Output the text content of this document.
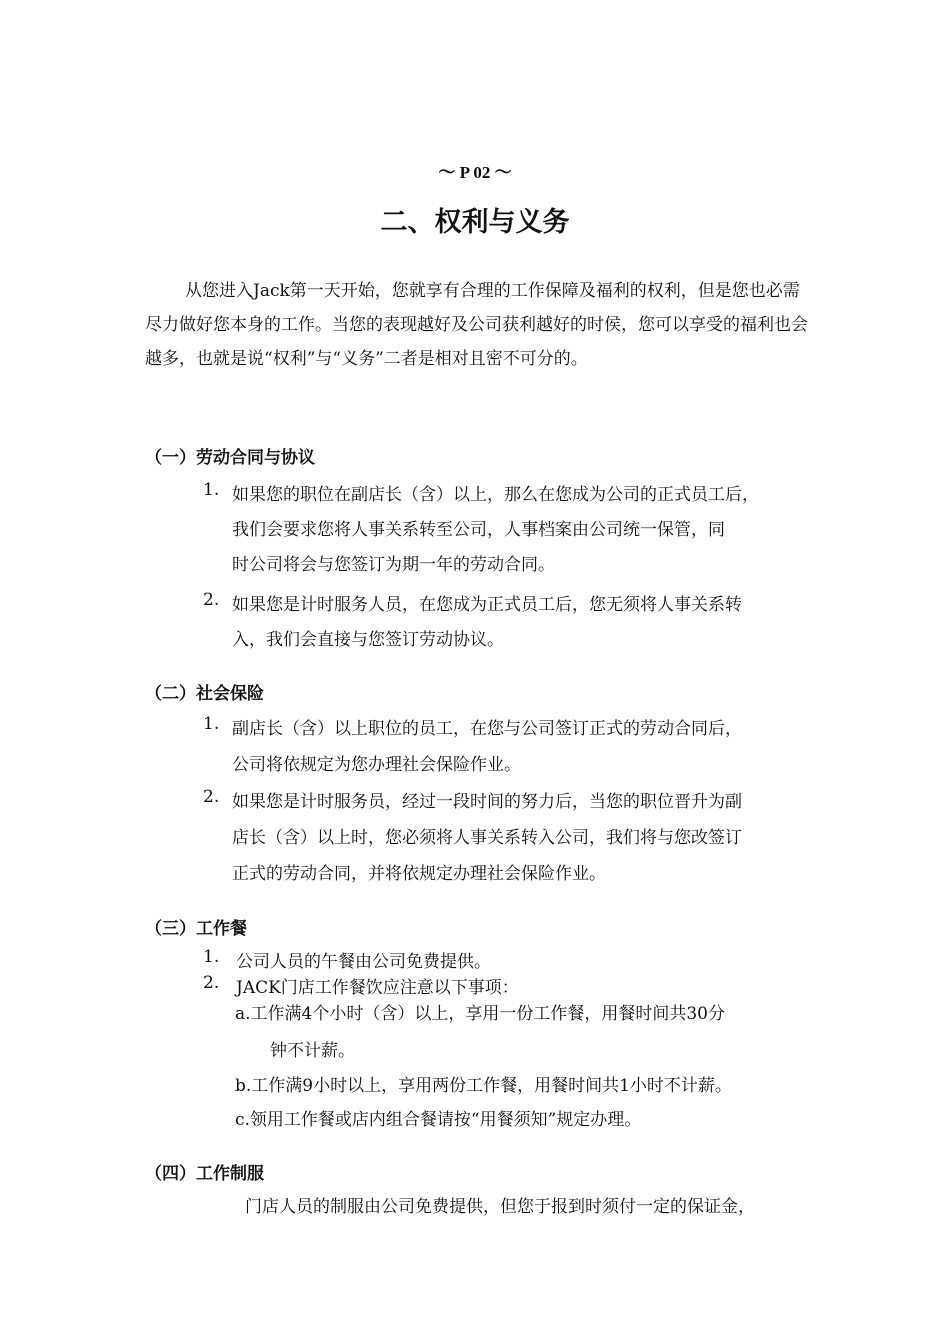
～ P 02 ～
二、权利与义务

从您进入Jack第一天开始，您就享有合理的工作保障及福利的权利，但是您也必需尽力做好您本身的工作。当您的表现越好及公司获利越好的时侯，您可以享受的福利也会越多，也就是说“权利”与“义务”二者是相对且密不可分的。

（一）劳动合同与协议

1. 如果您的职位在副店长（含）以上，那么在您成为公司的正式员工后，
我们会要求您将人事关系转至公司，人事档案由公司统一保管，同
时公司将会与您签订为期一年的劳动合同。
2. 如果您是计时服务人员，在您成为正式员工后，您无须将人事关系转
入，我们会直接与您签订劳动协议。

（二）社会保险

1. 副店长（含）以上职位的员工，在您与公司签订正式的劳动合同后，
公司将依规定为您办理社会保险作业。
2. 如果您是计时服务员，经过一段时间的努力后，当您的职位晋升为副
店长（含）以上时，您必须将人事关系转入公司，我们将与您改签订
正式的劳动合同，并将依规定办理社会保险作业。

（三）工作餐

1. 公司人员的午餐由公司免费提供。
2. JACK门店工作餐饮应注意以下事项：
a.工作满4个小时（含）以上，享用一份工作餐，用餐时间共30分
钟不计薪。
b.工作满9小时以上，享用两份工作餐，用餐时间共1小时不计薪。
c.领用工作餐或店内组合餐请按“用餐须知”规定办理。

（四）工作制服

门店人员的制服由公司免费提供，但您于报到时须付一定的保证金，
